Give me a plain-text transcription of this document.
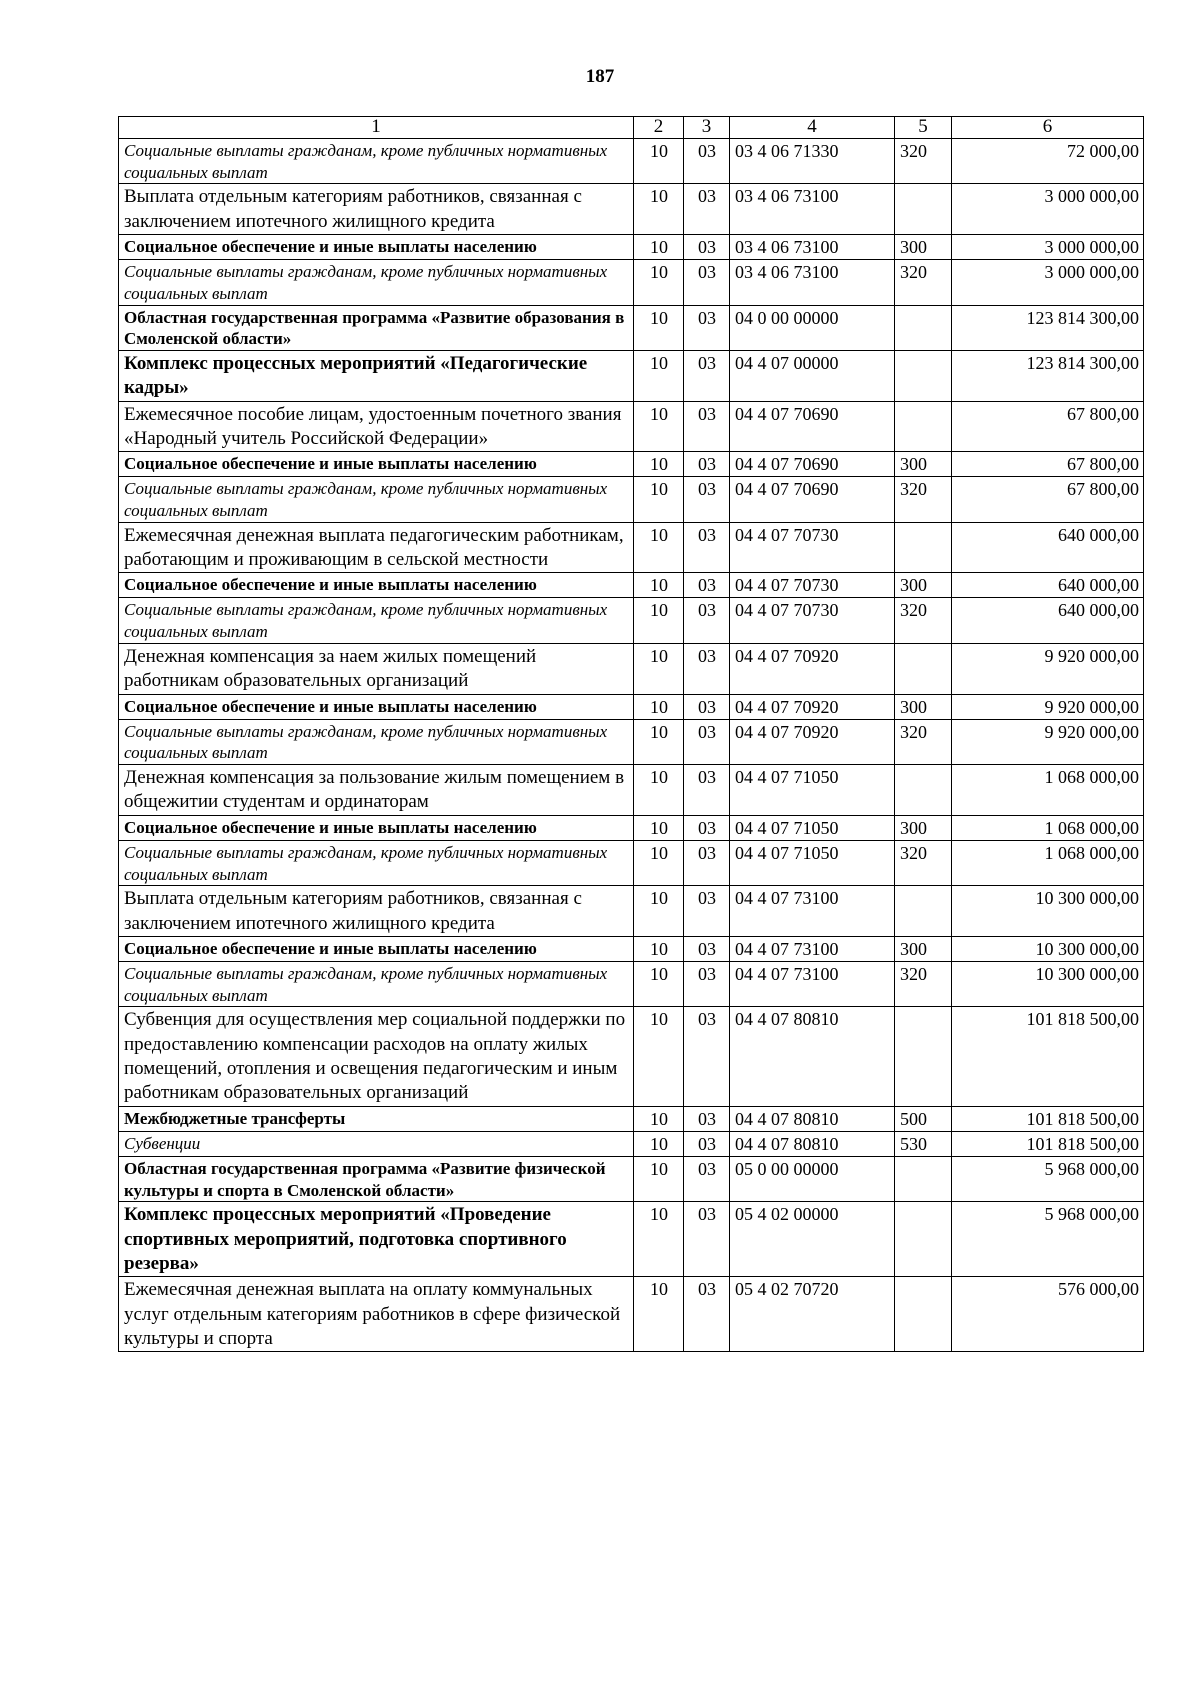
187
1	2	3	4	5	6
Социальные выплаты гражданам, кроме публичных нормативных социальных выплат	10	03	03 4 06 71330	320	72 000,00
Выплата отдельным категориям работников, связанная с заключением ипотечного жилищного кредита	10	03	03 4 06 73100		3 000 000,00
Социальное обеспечение и иные выплаты населению	10	03	03 4 06 73100	300	3 000 000,00
Социальные выплаты гражданам, кроме публичных нормативных социальных выплат	10	03	03 4 06 73100	320	3 000 000,00
Областная государственная программа «Развитие образования в Смоленской области»	10	03	04 0 00 00000		123 814 300,00
Комплекс процессных мероприятий «Педагогические кадры»	10	03	04 4 07 00000		123 814 300,00
Ежемесячное пособие лицам, удостоенным почетного звания «Народный учитель Российской Федерации»	10	03	04 4 07 70690		67 800,00
Социальное обеспечение и иные выплаты населению	10	03	04 4 07 70690	300	67 800,00
Социальные выплаты гражданам, кроме публичных нормативных социальных выплат	10	03	04 4 07 70690	320	67 800,00
Ежемесячная денежная выплата педагогическим работникам, работающим и проживающим в сельской местности	10	03	04 4 07 70730		640 000,00
Социальное обеспечение и иные выплаты населению	10	03	04 4 07 70730	300	640 000,00
Социальные выплаты гражданам, кроме публичных нормативных социальных выплат	10	03	04 4 07 70730	320	640 000,00
Денежная компенсация за наем жилых помещений работникам образовательных организаций	10	03	04 4 07 70920		9 920 000,00
Социальное обеспечение и иные выплаты населению	10	03	04 4 07 70920	300	9 920 000,00
Социальные выплаты гражданам, кроме публичных нормативных социальных выплат	10	03	04 4 07 70920	320	9 920 000,00
Денежная компенсация за пользование жилым помещением в общежитии студентам и ординаторам	10	03	04 4 07 71050		1 068 000,00
Социальное обеспечение и иные выплаты населению	10	03	04 4 07 71050	300	1 068 000,00
Социальные выплаты гражданам, кроме публичных нормативных социальных выплат	10	03	04 4 07 71050	320	1 068 000,00
Выплата отдельным категориям работников, связанная с заключением ипотечного жилищного кредита	10	03	04 4 07 73100		10 300 000,00
Социальное обеспечение и иные выплаты населению	10	03	04 4 07 73100	300	10 300 000,00
Социальные выплаты гражданам, кроме публичных нормативных социальных выплат	10	03	04 4 07 73100	320	10 300 000,00
Субвенция для осуществления мер социальной поддержки по предоставлению компенсации расходов на оплату жилых помещений, отопления и освещения педагогическим и иным работникам образовательных организаций	10	03	04 4 07 80810		101 818 500,00
Межбюджетные трансферты	10	03	04 4 07 80810	500	101 818 500,00
Субвенции	10	03	04 4 07 80810	530	101 818 500,00
Областная государственная программа «Развитие физической культуры и спорта в Смоленской области»	10	03	05 0 00 00000		5 968 000,00
Комплекс процессных мероприятий «Проведение спортивных мероприятий, подготовка спортивного резерва»	10	03	05 4 02 00000		5 968 000,00
Ежемесячная денежная выплата на оплату коммунальных услуг отдельным категориям работников в сфере физической культуры и спорта	10	03	05 4 02 70720		576 000,00
